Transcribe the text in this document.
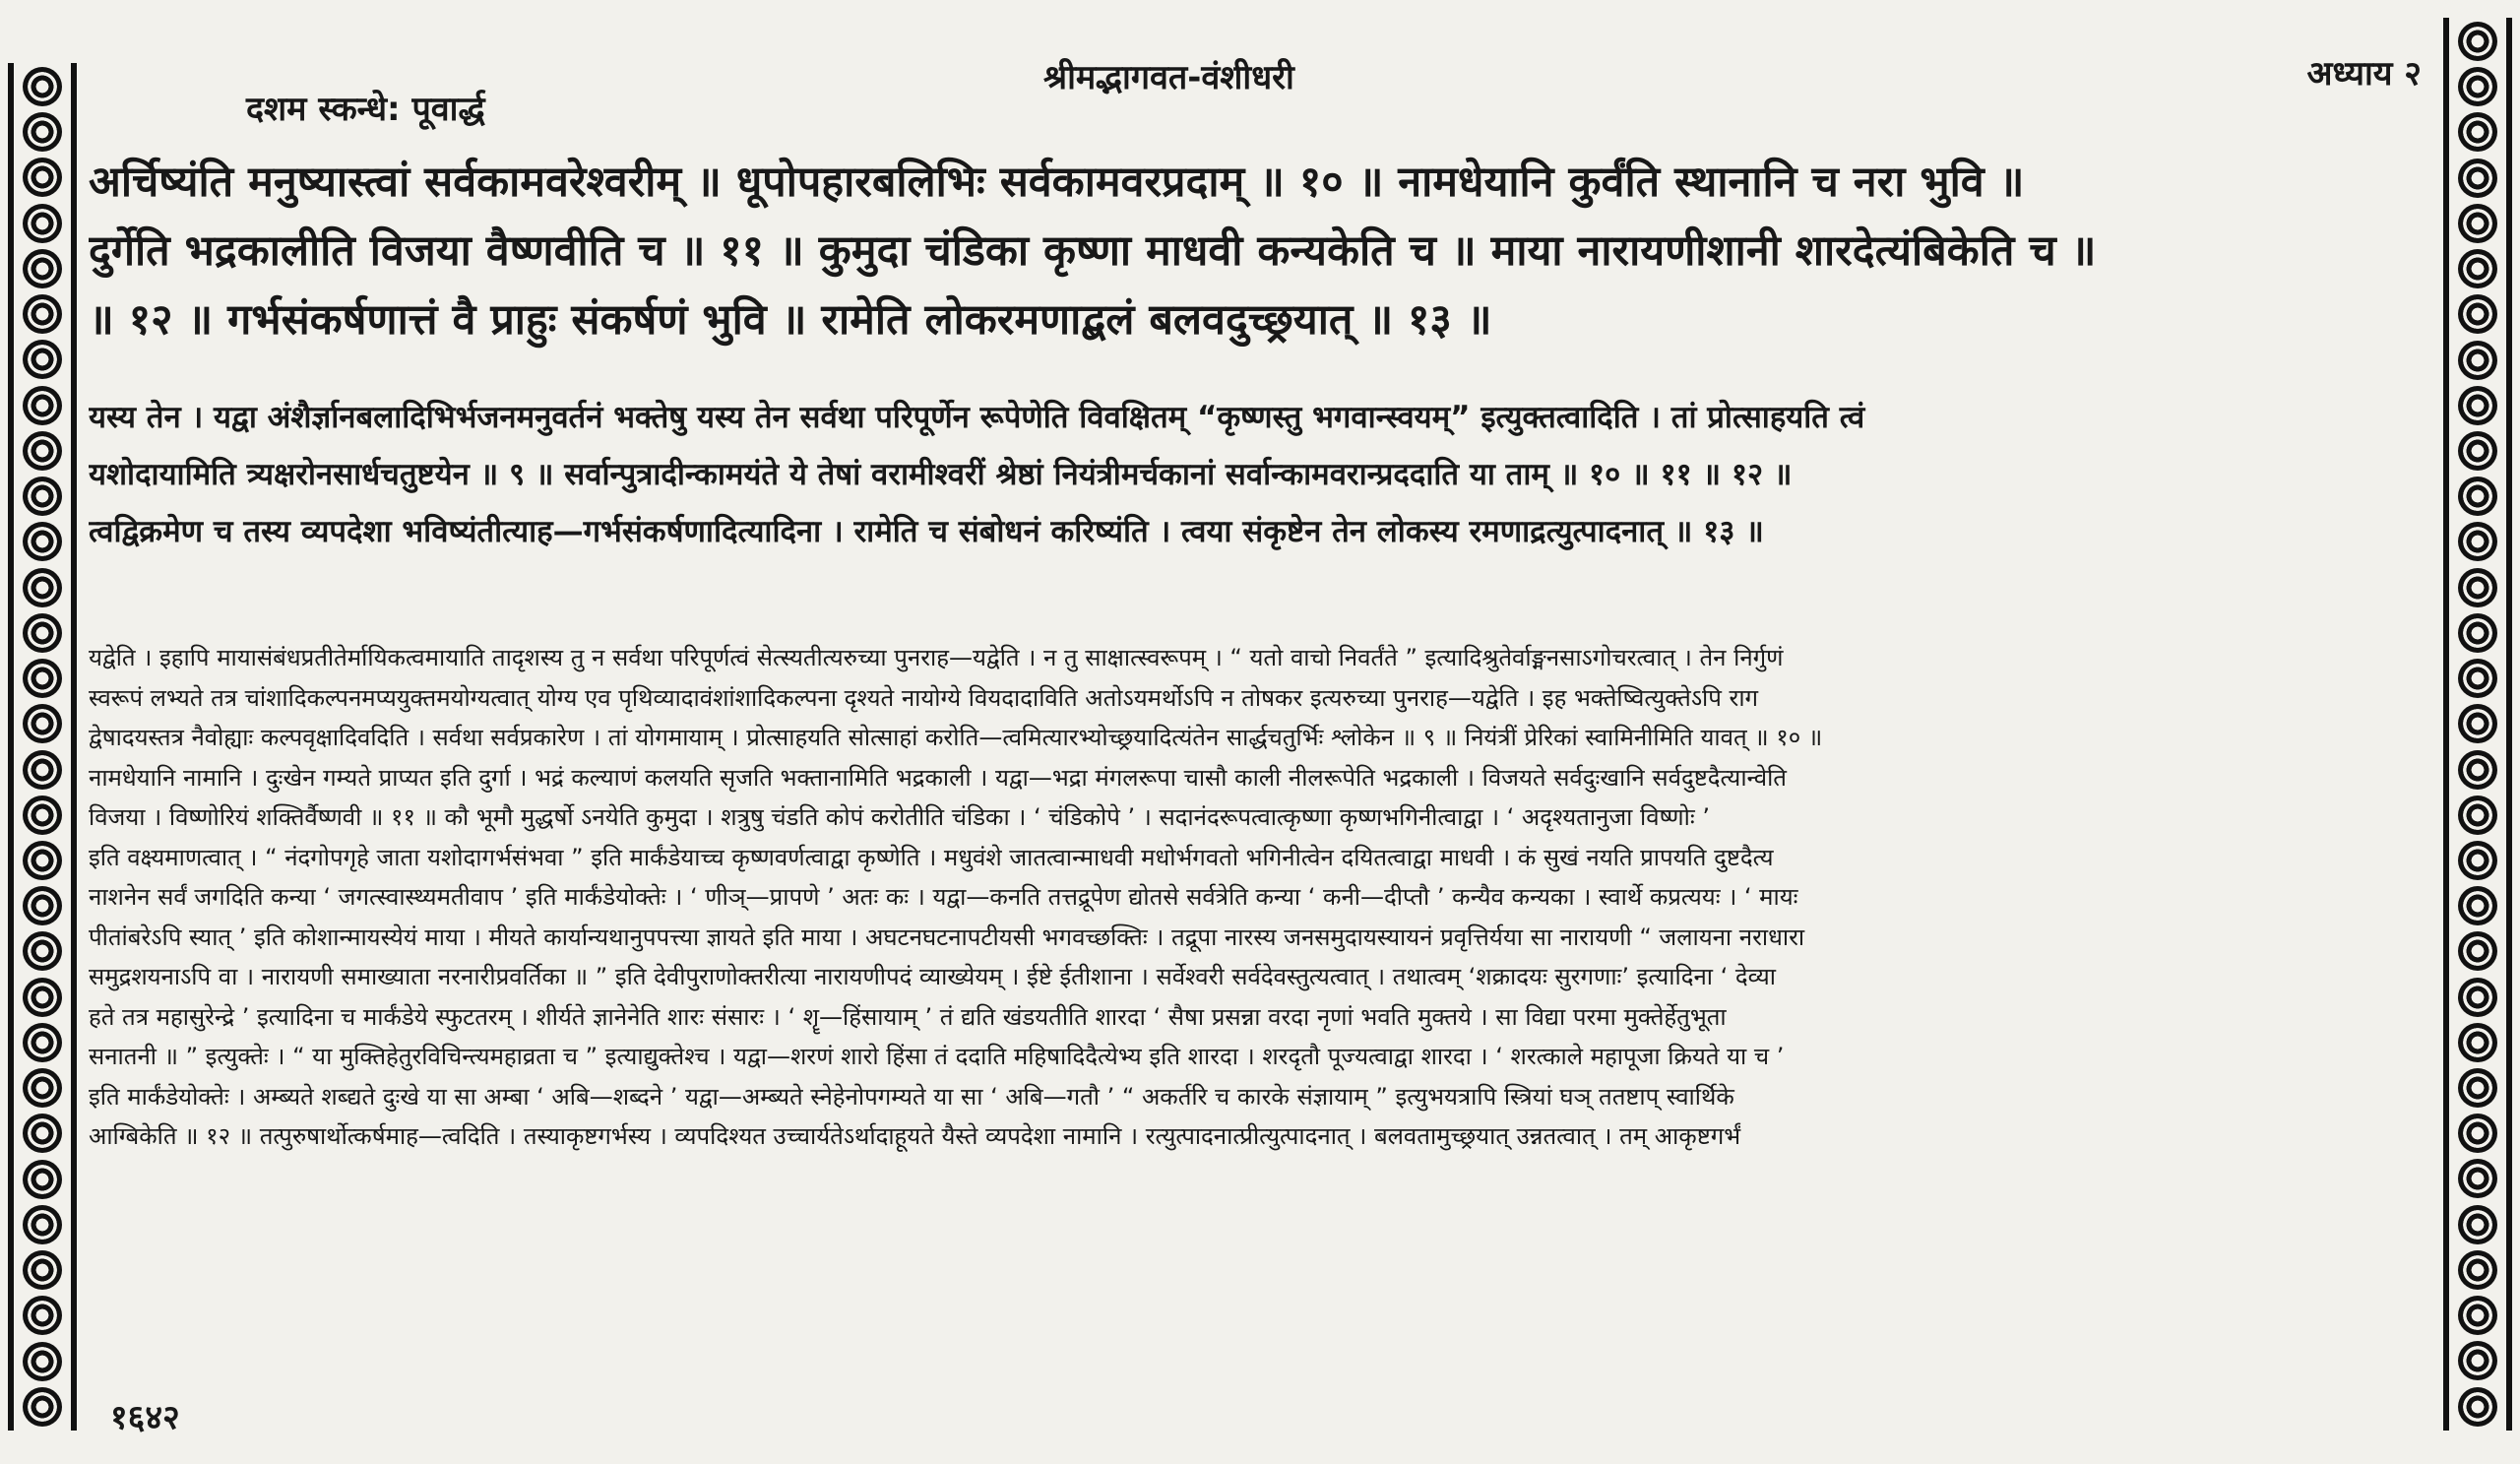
दशम स्कन्धे: पूवार्द्ध
श्रीमद्भागवत-वंशीधरी	अध्याय २

अर्चिष्यंति मनुष्यास्त्वां सर्वकामवरेश्वरीम् ॥ धूपोपहारबलिभिः सर्वकामवरप्रदाम् ॥ १० ॥ नामधेयानि कुर्वंति स्थानानि च नरा भुवि ॥

दुर्गेति भद्रकालीति विजया वैष्णवीति च ॥ ११ ॥ कुमुदा चंडिका कृष्णा माधवी कन्यकेति च ॥ माया नारायणीशानी शारदेत्यंबिकेति च ॥

॥ १२ ॥ गर्भसंकर्षणात्तं वै प्राहुः संकर्षणं भुवि ॥ रामेति लोकरमणाद्बलं बलवदुच्छ्रयात् ॥ १३ ॥

यस्य तेन । यद्वा अंशैर्ज्ञानबलादिभिर्भजनमनुवर्तनं भक्तेषु यस्य तेन सर्वथा परिपूर्णेन रूपेणेति विवक्षितम् “कृष्णस्तु भगवान्स्वयम्” इत्युक्तत्वादिति । तां प्रोत्साहयति त्वं

यशोदायामिति त्र्यक्षरोनसार्धचतुष्टयेन ॥ ९ ॥ सर्वान्पुत्रादीन्कामयंते ये तेषां वरामीश्वरीं श्रेष्ठां नियंत्रीमर्चकानां सर्वान्कामवरान्प्रददाति या ताम् ॥ १० ॥ ११ ॥ १२ ॥

त्वद्विक्रमेण च तस्य व्यपदेशा भविष्यंतीत्याह—गर्भसंकर्षणादित्यादिना । रामेति च संबोधनं करिष्यंति । त्वया संकृष्टेन तेन लोकस्य रमणाद्रत्युत्पादनात् ॥ १३ ॥

यद्वेति । इहापि मायासंबंधप्रतीतेर्मायिकत्वमायाति तादृशस्य तु न सर्वथा परिपूर्णत्वं सेत्स्यतीत्यरुच्या पुनराह—यद्वेति । न तु साक्षात्स्वरूपम् । “ यतो वाचो निवर्तंते ” इत्यादिश्रुतेर्वाङ्मनसाऽगोचरत्वात् । तेन निर्गुणं

स्वरूपं लभ्यते तत्र चांशादिकल्पनमप्ययुक्तमयोग्यत्वात् योग्य एव पृथिव्यादावंशांशादिकल्पना दृश्यते नायोग्ये वियदादाविति अतोऽयमर्थोऽपि न तोषकर इत्यरुच्या पुनराह—यद्वेति । इह भक्तेष्वित्युक्तेऽपि राग

द्वेषादयस्तत्र नैवोह्याः कल्पवृक्षादिवदिति । सर्वथा सर्वप्रकारेण । तां योगमायाम् । प्रोत्साहयति सोत्साहां करोति—त्वमित्यारभ्योच्छ्रयादित्यंतेन सार्द्धचतुर्भिः श्लोकेन ॥ ९ ॥ नियंत्रीं प्रेरिकां स्वामिनीमिति यावत् ॥ १० ॥

नामधेयानि नामानि । दुःखेन गम्यते प्राप्यत इति दुर्गा । भद्रं कल्याणं कलयति सृजति भक्तानामिति भद्रकाली । यद्वा—भद्रा मंगलरूपा चासौ काली नीलरूपेति भद्रकाली । विजयते सर्वदुःखानि सर्वदुष्टदैत्यान्वेति

विजया । विष्णोरियं शक्तिर्वैष्णवी ॥ ११ ॥ कौ भूमौ मुद्धर्षो ऽनयेति कुमुदा । शत्रुषु चंडति कोपं करोतीति चंडिका । ‘ चंडिकोपे ’ । सदानंदरूपत्वात्कृष्णा कृष्णभगिनीत्वाद्वा । ‘ अदृश्यतानुजा विष्णोः ’

इति वक्ष्यमाणत्वात् । “ नंदगोपगृहे जाता यशोदागर्भसंभवा ” इति मार्कंडेयाच्च कृष्णवर्णत्वाद्वा कृष्णेति । मधुवंशे जातत्वान्माधवी मधोर्भगवतो भगिनीत्वेन दयितत्वाद्वा माधवी । कं सुखं नयति प्रापयति दुष्टदैत्य

नाशनेन सर्वं जगदिति कन्या ‘ जगत्स्वास्थ्यमतीवाप ’ इति मार्कंडेयोक्तेः । ‘ णीञ्—प्रापणे ’ अतः कः । यद्वा—कनति तत्तद्रूपेण द्योतसे सर्वत्रेति कन्या ‘ कनी—दीप्तौ ’ कन्यैव कन्यका । स्वार्थे कप्रत्ययः । ‘ मायः

पीतांबरेऽपि स्यात् ’ इति कोशान्मायस्येयं माया । मीयते कार्यान्यथानुपपत्त्या ज्ञायते इति माया । अघटनघटनापटीयसी भगवच्छक्तिः । तद्रूपा नारस्य जनसमुदायस्यायनं प्रवृत्तिर्यया सा नारायणी “ जलायना नराधारा

समुद्रशयनाऽपि वा । नारायणी समाख्याता नरनारीप्रवर्तिका ॥ ” इति देवीपुराणोक्तरीत्या नारायणीपदं व्याख्येयम् । ईष्टे ईतीशाना । सर्वेश्वरी सर्वदेवस्तुत्यत्वात् । तथात्वम् ‘शक्रादयः सुरगणाः’ इत्यादिना ‘ देव्या

हते तत्र महासुरेन्द्रे ’ इत्यादिना च मार्कंडेये स्फुटतरम् । शीर्यते ज्ञानेनेति शारः संसारः । ‘ शॄ—हिंसायाम् ’ तं द्यति खंडयतीति शारदा ‘ सैषा प्रसन्ना वरदा नृणां भवति मुक्तये । सा विद्या परमा मुक्तेर्हेतुभूता

सनातनी ॥ ” इत्युक्तेः । “ या मुक्तिहेतुरविचिन्त्यमहाव्रता च ” इत्याद्युक्तेश्च । यद्वा—शरणं शारो हिंसा तं ददाति महिषादिदैत्येभ्य इति शारदा । शरदृतौ पूज्यत्वाद्वा शारदा । ‘ शरत्काले महापूजा क्रियते या च ’

इति मार्कंडेयोक्तेः । अम्ब्यते शब्द्यते दुःखे या सा अम्बा ‘ अबि—शब्दने ’ यद्वा—अम्ब्यते स्नेहेनोपगम्यते या सा ‘ अबि—गतौ ’ “ अकर्तरि च कारके संज्ञायाम् ” इत्युभयत्रापि स्त्रियां घञ् ततष्टाप् स्वार्थिके

आग्बिकेति ॥ १२ ॥ तत्पुरुषार्थोत्कर्षमाह—त्वदिति । तस्याकृष्टगर्भस्य । व्यपदिश्यत उच्चार्यतेऽर्थादाहूयते यैस्ते व्यपदेशा नामानि । रत्युत्पादनात्प्रीत्युत्पादनात् । बलवतामुच्छ्रयात् उन्नतत्वात् । तम् आकृष्टगर्भं

१६४२
